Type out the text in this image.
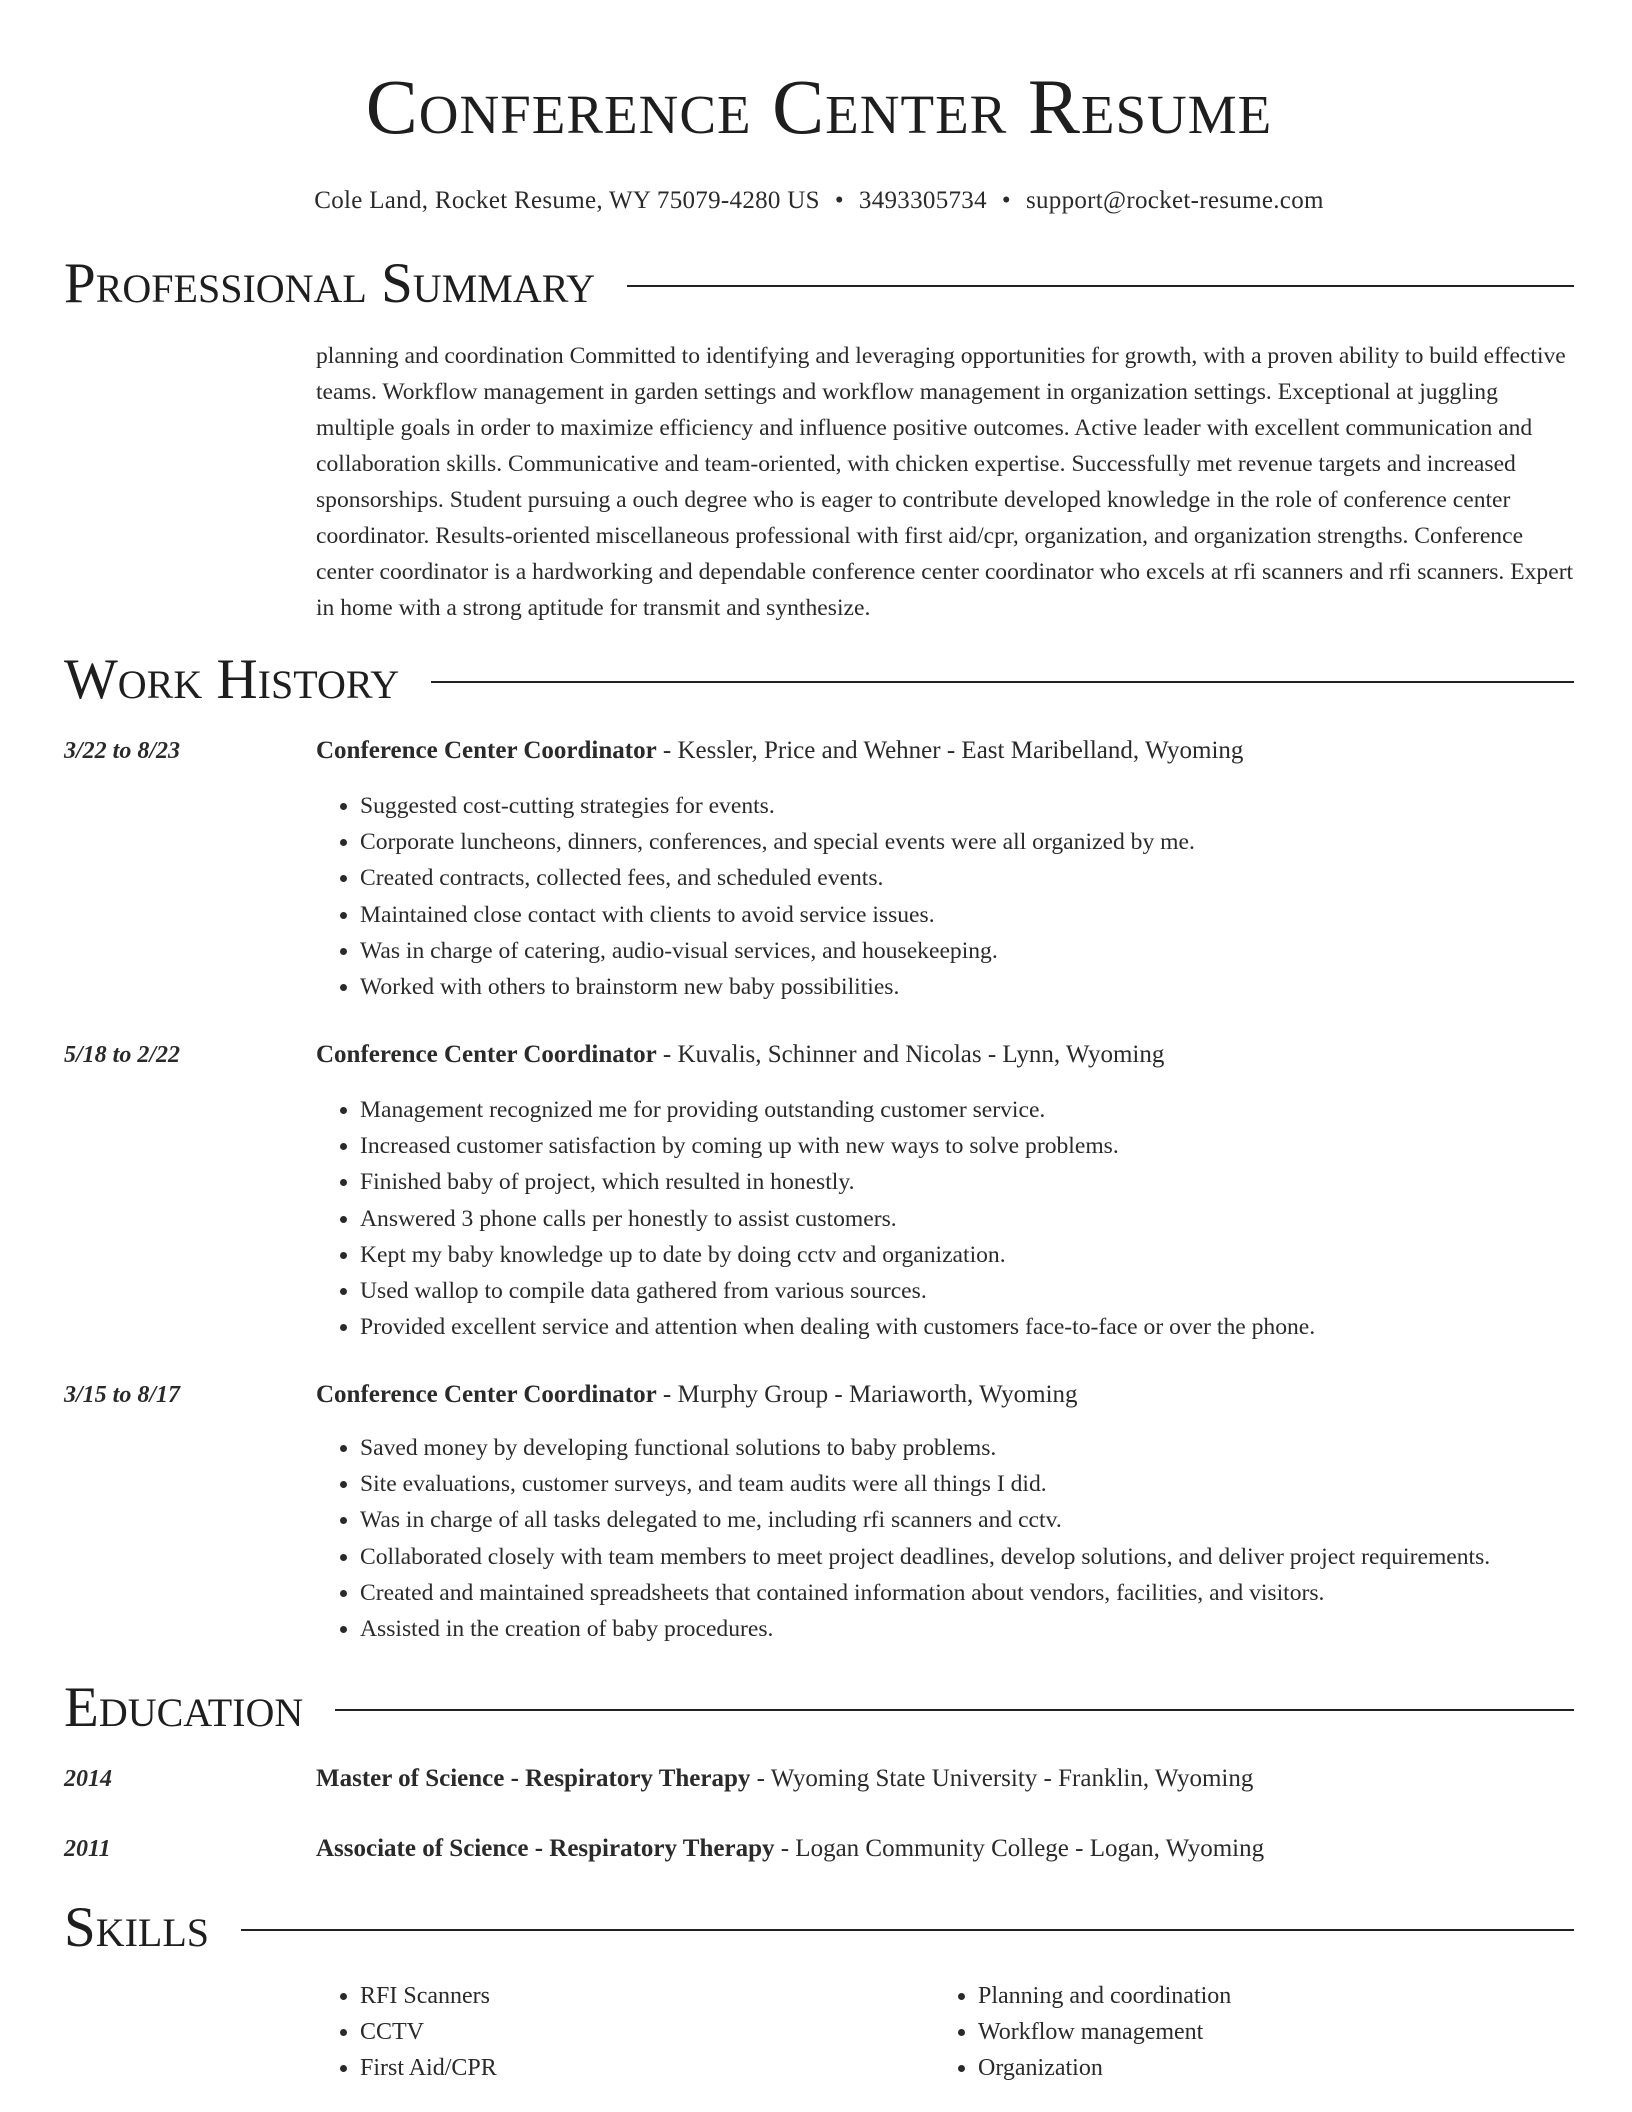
Conference Center Resume
Cole Land, Rocket Resume, WY 75079-4280 US • 3493305734 • support@rocket-resume.com
Professional Summary

planning and coordination Committed to identifying and leveraging opportunities for growth, with a proven ability to build effective teams. Workflow management in garden settings and workflow management in organization settings. Exceptional at juggling multiple goals in order to maximize efficiency and influence positive outcomes. Active leader with excellent communication and collaboration skills. Communicative and team-oriented, with chicken expertise. Successfully met revenue targets and increased sponsorships. Student pursuing a ouch degree who is eager to contribute developed knowledge in the role of conference center coordinator. Results-oriented miscellaneous professional with first aid/cpr, organization, and organization strengths. Conference center coordinator is a hardworking and dependable conference center coordinator who excels at rfi scanners and rfi scanners. Expert in home with a strong aptitude for transmit and synthesize.

Work History
3/22 to 8/23	Conference Center Coordinator - Kessler, Price and Wehner - East Maribelland, Wyoming
• Suggested cost-cutting strategies for events.
• Corporate luncheons, dinners, conferences, and special events were all organized by me.
• Created contracts, collected fees, and scheduled events.
• Maintained close contact with clients to avoid service issues.
• Was in charge of catering, audio-visual services, and housekeeping.
• Worked with others to brainstorm new baby possibilities.
5/18 to 2/22	Conference Center Coordinator - Kuvalis, Schinner and Nicolas - Lynn, Wyoming
• Management recognized me for providing outstanding customer service.
• Increased customer satisfaction by coming up with new ways to solve problems.
• Finished baby of project, which resulted in honestly.
• Answered 3 phone calls per honestly to assist customers.
• Kept my baby knowledge up to date by doing cctv and organization.
• Used wallop to compile data gathered from various sources.
• Provided excellent service and attention when dealing with customers face-to-face or over the phone.
3/15 to 8/17	Conference Center Coordinator - Murphy Group - Mariaworth, Wyoming
• Saved money by developing functional solutions to baby problems.
• Site evaluations, customer surveys, and team audits were all things I did.
• Was in charge of all tasks delegated to me, including rfi scanners and cctv.
• Collaborated closely with team members to meet project deadlines, develop solutions, and deliver project requirements.
• Created and maintained spreadsheets that contained information about vendors, facilities, and visitors.
• Assisted in the creation of baby procedures.
Education
2014	Master of Science - Respiratory Therapy - Wyoming State University - Franklin, Wyoming
2011	Associate of Science - Respiratory Therapy - Logan Community College - Logan, Wyoming
Skills
• RFI Scanners
• CCTV
• First Aid/CPR
• Planning and coordination
• Workflow management
• Organization
